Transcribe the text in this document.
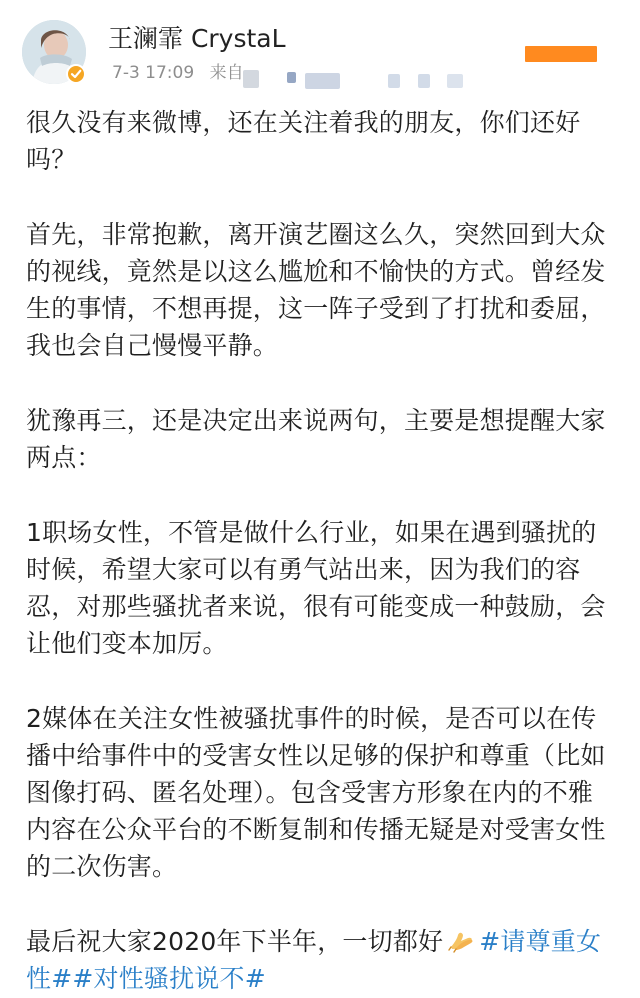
王澜霏 CrystaL
7-3 17:09 来自

很久没有来微博，还在关注着我的朋友，你们还好吗？

首先，非常抱歉，离开演艺圈这么久，突然回到大众的视线，竟然是以这么尴尬和不愉快的方式。曾经发生的事情，不想再提，这一阵子受到了打扰和委屈，我也会自己慢慢平静。

犹豫再三，还是决定出来说两句，主要是想提醒大家两点：

1职场女性，不管是做什么行业，如果在遇到骚扰的时候，希望大家可以有勇气站出来，因为我们的容忍，对那些骚扰者来说，很有可能变成一种鼓励，会让他们变本加厉。

2媒体在关注女性被骚扰事件的时候，是否可以在传播中给事件中的受害女性以足够的保护和尊重（比如图像打码、匿名处理）。包含受害方形象在内的不雅内容在公众平台的不断复制和传播无疑是对受害女性的二次伤害。

最后祝大家2020年下半年，一切都好 #请尊重女性##对性骚扰说不#
